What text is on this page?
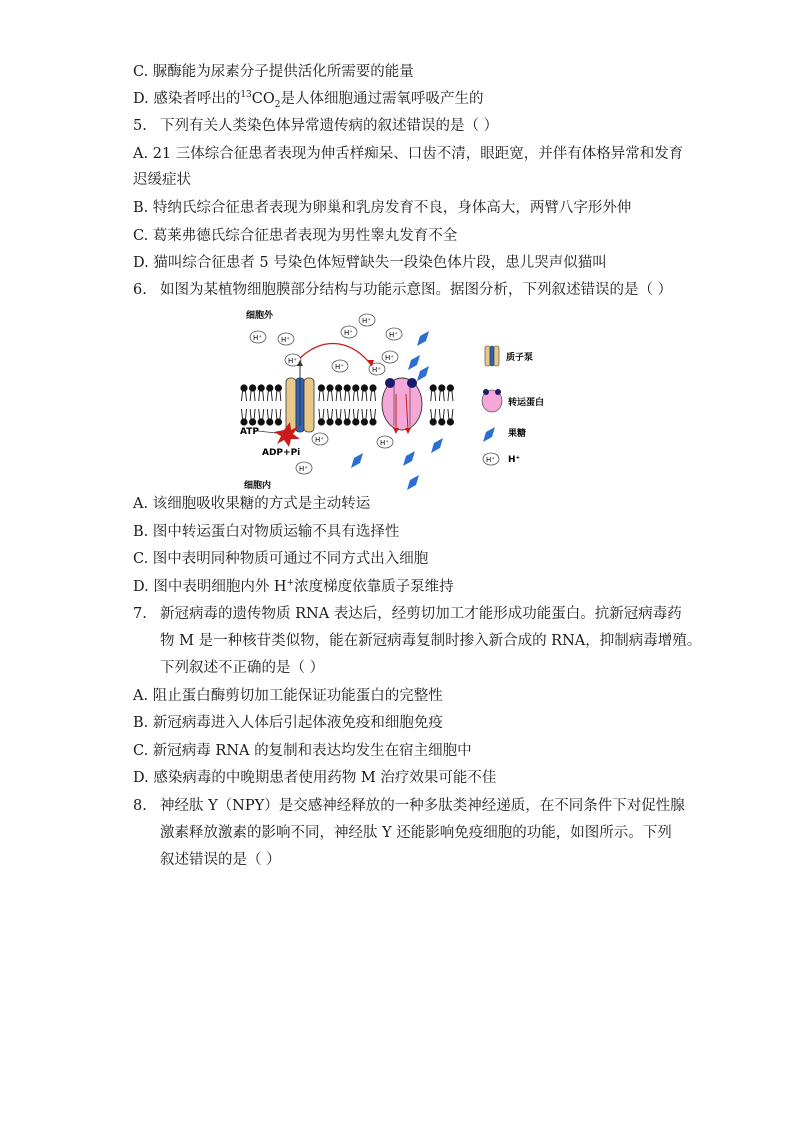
C. 脲酶能为尿素分子提供活化所需要的能量
D. 感染者呼出的$^{13}CO_2$是人体细胞通过需氧呼吸产生的
5. 下列有关人类染色体异常遗传病的叙述错误的是（ ）
A. 21 三体综合征患者表现为伸舌样痴呆、口齿不清，眼距宽，并伴有体格异常和发育
迟缓症状
B. 特纳氏综合征患者表现为卵巢和乳房发育不良，身体高大，两臂八字形外伸
C. 葛莱弗德氏综合征患者表现为男性睾丸发育不全
D. 猫叫综合征患者 5 号染色体短臂缺失一段染色体片段，患儿哭声似猫叫
6. 如图为某植物细胞膜部分结构与功能示意图。据图分析，下列叙述错误的是（ ）
细胞外
细胞内
H⁺	H⁺
H⁺
H⁺	H⁺
H⁺
H⁺
H⁺	H⁺
ATP
ADP+Pi
H⁺	H⁺
H⁺
质子泵
转运蛋白
果糖
H⁺ H⁺
A. 该细胞吸收果糖的方式是主动转运
B. 图中转运蛋白对物质运输不具有选择性
C. 图中表明同种物质可通过不同方式出入细胞
D. 图中表明细胞内外 H+浓度梯度依靠质子泵维持
7. 新冠病毒的遗传物质 RNA 表达后，经剪切加工才能形成功能蛋白。抗新冠病毒药
物 M 是一种核苷类似物，能在新冠病毒复制时掺入新合成的 RNA，抑制病毒增殖。
下列叙述不正确的是（ ）
A. 阻止蛋白酶剪切加工能保证功能蛋白的完整性
B. 新冠病毒进入人体后引起体液免疫和细胞免疫
C. 新冠病毒 RNA 的复制和表达均发生在宿主细胞中
D. 感染病毒的中晚期患者使用药物 M 治疗效果可能不佳
8. 神经肽 Y（NPY）是交感神经释放的一种多肽类神经递质，在不同条件下对促性腺
激素释放激素的影响不同，神经肽 Y 还能影响免疫细胞的功能，如图所示。下列
叙述错误的是（ ）
